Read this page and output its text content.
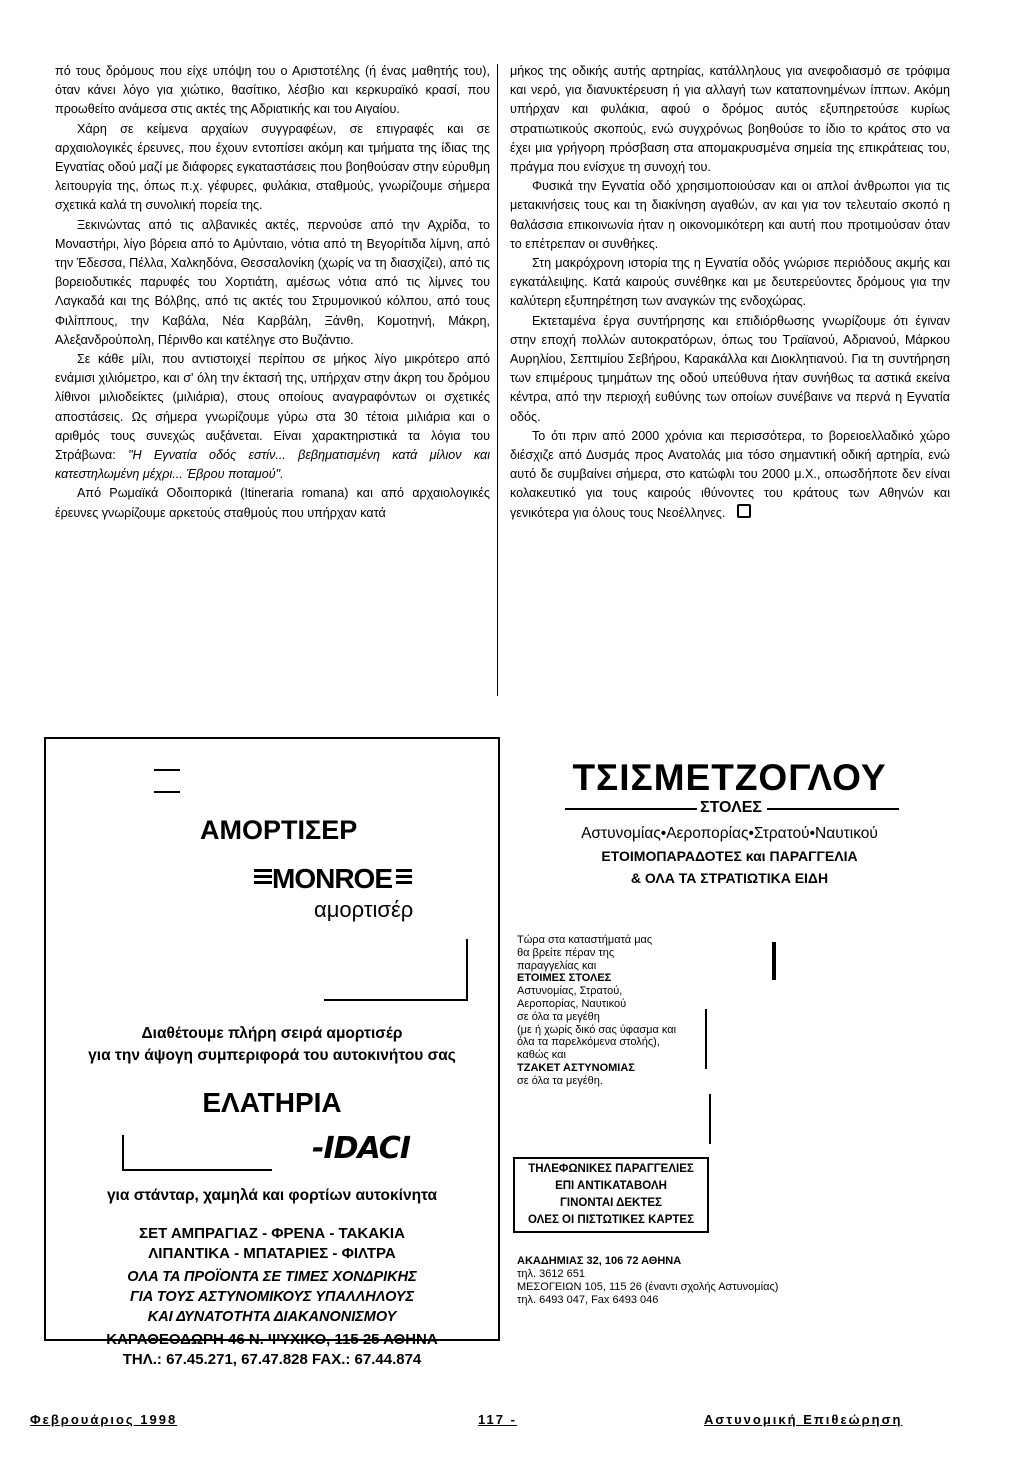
πό τους δρόμους που είχε υπόψη του ο Αριστοτέλης (ή ένας μαθητής του), όταν κάνει λόγο για χιώτικο, θασίτικο, λέσβιο και κερκυραϊκό κρασί, που προωθείτο ανάμεσα στις ακτές της Αδριατικής και του Αιγαίου.

Χάρη σε κείμενα αρχαίων συγγραφέων, σε επιγραφές και σε αρχαιολογικές έρευνες, που έχουν εντοπίσει ακόμη και τμήματα της ίδιας της Εγνατίας οδού μαζί με διάφορες εγκαταστάσεις που βοηθούσαν στην εύρυθμη λειτουργία της, όπως π.χ. γέφυρες, φυλάκια, σταθμούς, γνωρίζουμε σήμερα σχετικά καλά τη συνολική πορεία της.

Ξεκινώντας από τις αλβανικές ακτές, περνούσε από την Αχρίδα, το Μοναστήρι, λίγο βόρεια από το Αμύνταιο, νότια από τη Βεγορίτιδα λίμνη, από την Έδεσσα, Πέλλα, Χαλκηδόνα, Θεσσαλονίκη (χωρίς να τη διασχίζει), από τις βορειοδυτικές παρυφές του Χορτιάτη, αμέσως νότια από τις λίμνες του Λαγκαδά και της Βόλβης, από τις ακτές του Στρυμονικού κόλπου, από τους Φιλίππους, την Καβάλα, Νέα Καρβάλη, Ξάνθη, Κομοτηνή, Μάκρη, Αλεξανδρούπολη, Πέρινθο και κατέληγε στο Βυζάντιο.

Σε κάθε μίλι, που αντιστοιχεί περίπου σε μήκος λίγο μικρότερο από ενάμισι χιλιόμετρο, και σ' όλη την έκτασή της, υπήρχαν στην άκρη του δρόμου λίθινοι μιλιοδείκτες (μιλιάρια), στους οποίους αναγραφόντων οι σχετικές αποστάσεις. Ως σήμερα γνωρίζουμε γύρω στα 30 τέτοια μιλιάρια και ο αριθμός τους συνεχώς αυξάνεται. Είναι χαρακτηριστικά τα λόγια του Στράβωνα: "Η Εγνατία οδός εστίν... βεβηματισμένη κατά μίλιον και κατεστηλωμένη μέχρι... Έβρου ποταμού".

Από Ρωμαϊκά Οδοιπορικά (Itineraria romana) και από αρχαιολογικές έρευνες γνωρίζουμε αρκετούς σταθμούς που υπήρχαν κατά

μήκος της οδικής αυτής αρτηρίας, κατάλληλους για ανεφοδιασμό σε τρόφιμα και νερό, για διανυκτέρευση ή για αλλαγή των καταπονημένων ίππων. Ακόμη υπήρχαν και φυλάκια, αφού ο δρόμος αυτός εξυπηρετούσε κυρίως στρατιωτικούς σκοπούς, ενώ συγχρόνως βοηθούσε το ίδιο το κράτος στο να έχει μια γρήγορη πρόσβαση στα απομακρυσμένα σημεία της επικράτειας του, πράγμα που ενίσχυε τη συνοχή του.

Φυσικά την Εγνατία οδό χρησιμοποιούσαν και οι απλοί άνθρωποι για τις μετακινήσεις τους και τη διακίνηση αγαθών, αν και για τον τελευταίο σκοπό η θαλάσσια επικοινωνία ήταν η οικονομικότερη και αυτή που προτιμούσαν όταν το επέτρεπαν οι συνθήκες.

Στη μακρόχρονη ιστορία της η Εγνατία οδός γνώρισε περιόδους ακμής και εγκατάλειψης. Κατά καιρούς συνέθηκε και με δευτερεύοντες δρόμους για την καλύτερη εξυπηρέτηση των αναγκών της ενδοχώρας.

Εκτεταμένα έργα συντήρησης και επιδιόρθωσης γνωρίζουμε ότι έγιναν στην εποχή πολλών αυτοκρατόρων, όπως του Τραϊανού, Αδριανού, Μάρκου Αυρηλίου, Σεπτιμίου Σεβήρου, Καρακάλλα και Διοκλητιανού. Για τη συντήρηση των επιμέρους τμημάτων της οδού υπεύθυνα ήταν συνήθως τα αστικά εκείνα κέντρα, από την περιοχή ευθύνης των οποίων συνέβαινε να περνά η Εγνατία οδός.

Το ότι πριν από 2000 χρόνια και περισσότερα, το βορειοελλαδικό χώρο διέσχιζε από Δυσμάς προς Ανατολάς μια τόσο σημαντική οδική αρτηρία, ενώ αυτό δε συμβαίνει σήμερα, στο κατώφλι του 2000 μ.Χ., οπωσδήποτε δεν είναι κολακευτικό για τους καιρούς ιθύνοντες του κράτους των Αθηνών και γενικότερα για όλους τους Νεοέλληνες.

ΑΜΟΡΤΙΣΕΡ
MONROE
αμορτισέρ
Διαθέτουμε πλήρη σειρά αμορτισέρ
για την άψογη συμπεριφορά του αυτοκινήτου σας
ΕΛΑΤΗΡΙΑ
-IDACI
για στάνταρ, χαμηλά και φορτίων αυτοκίνητα
ΣΕΤ ΑΜΠΡΑΓΙΑΖ - ΦΡΕΝΑ - ΤΑΚΑΚΙΑ
ΛΙΠΑΝΤΙΚΑ - ΜΠΑΤΑΡΙΕΣ - ΦΙΛΤΡΑ
ΟΛΑ ΤΑ ΠΡΟΪΟΝΤΑ ΣΕ ΤΙΜΕΣ ΧΟΝΔΡΙΚΗΣ
ΓΙΑ ΤΟΥΣ ΑΣΤΥΝΟΜΙΚΟΥΣ ΥΠΑΛΛΗΛΟΥΣ
ΚΑΙ ΔΥΝΑΤΟΤΗΤΑ ΔΙΑΚΑΝΟΝΙΣΜΟΥ
ΚΑΡΑΘΕΟΔΩΡΗ 46 Ν. ΨΥΧΙΚΟ, 115 25 ΑΘΗΝΑ
ΤΗΛ.: 67.45.271, 67.47.828 FAX.: 67.44.874
ΤΣΙΣΜΕΤΖΟΓΛΟΥ
ΣΤΟΛΕΣ
Αστυνομίας•Αεροπορίας•Στρατού•Ναυτικού
ΕΤΟΙΜΟΠΑΡΑΔΟΤΕΣ και ΠΑΡΑΓΓΕΛΙΑ
& ΟΛΑ ΤΑ ΣΤΡΑΤΙΩΤΙΚΑ ΕΙΔΗ
Τώρα στα καταστήματά μας
θα βρείτε πέραν της
παραγγελίας και
ΕΤΟΙΜΕΣ ΣΤΟΛΕΣ
Αστυνομίας, Στρατού,
Αεροπορίας, Ναυτικού
σε όλα τα μεγέθη
(με ή χωρίς δικό σας ύφασμα και
όλα τα παρελκόμενα στολής),
καθώς και
ΤΖΑΚΕΤ ΑΣΤΥΝΟΜΙΑΣ
σε όλα τα μεγέθη.
ΤΗΛΕΦΩΝΙΚΕΣ ΠΑΡΑΓΓΕΛΙΕΣ
ΕΠΙ ΑΝΤΙΚΑΤΑΒΟΛΗ
ΓΙΝΟΝΤΑΙ ΔΕΚΤΕΣ
ΟΛΕΣ ΟΙ ΠΙΣΤΩΤΙΚΕΣ ΚΑΡΤΕΣ
ΑΚΑΔΗΜΙΑΣ 32, 106 72 ΑΘΗΝΑ
τηλ. 3612 651
ΜΕΣΟΓΕΙΩΝ 105, 115 26 (έναντι σχολής Αστυνομίας)
τηλ. 6493 047, Fax 6493 046
Φεβρουάριος 1998	117 -	Αστυνομική Επιθεώρηση
